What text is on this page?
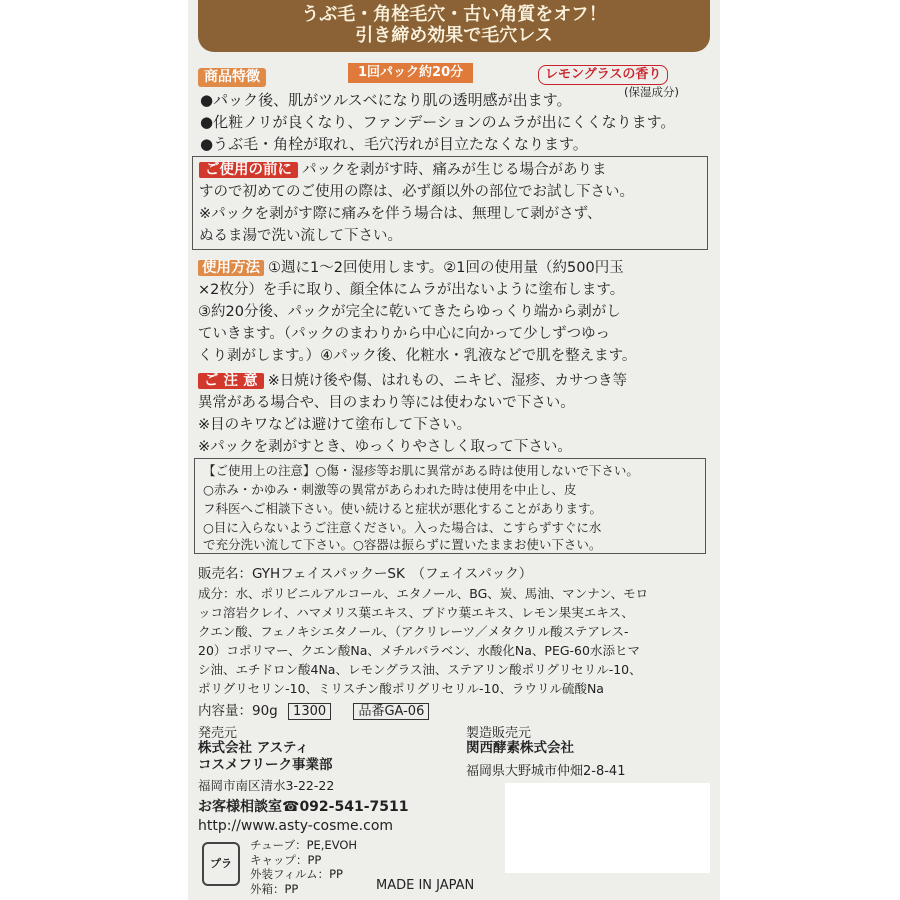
うぶ毛・角栓毛穴・古い角質をオフ！
引き締め効果で毛穴レス
商品特徴	1回パック約20分	レモングラスの香り
(保湿成分)
●パック後、肌がツルスベになり肌の透明感が出ます。
●化粧ノリが良くなり、ファンデーションのムラが出にくくなります。
●うぶ毛・角栓が取れ、毛穴汚れが目立たなくなります。
ご使用の前に パックを剥がす時、痛みが生じる場合がありま
すので初めてのご使用の際は、必ず顔以外の部位でお試し下さい。
※パックを剥がす際に痛みを伴う場合は、無理して剥がさず、
ぬるま湯で洗い流して下さい。
使用方法 ①週に1〜2回使用します。②1回の使用量（約500円玉
×2枚分）を手に取り、顔全体にムラが出ないように塗布します。
③約20分後、パックが完全に乾いてきたらゆっくり端から剥がし
ていきます。（パックのまわりから中心に向かって少しずつゆっ
くり剥がします。）④パック後、化粧水・乳液などで肌を整えます。
ご 注 意 ※日焼け後や傷、はれもの、ニキビ、湿疹、カサつき等
異常がある場合や、目のまわり等には使わないで下さい。
※目のキワなどは避けて塗布して下さい。
※パックを剥がすとき、ゆっくりやさしく取って下さい。
【ご使用上の注意】○傷・湿疹等お肌に異常がある時は使用しないで下さい。
○赤み・かゆみ・刺激等の異常があらわれた時は使用を中止し、皮
フ科医へご相談下さい。使い続けると症状が悪化することがあります。
○目に入らないようご注意ください。入った場合は、こすらずすぐに水
で充分洗い流して下さい。○容器は振らずに置いたままお使い下さい。
販売名：GYHフェイスパックーSK　（フェイスパック）
成分：水、ポリビニルアルコール、エタノール、BG、炭、馬油、マンナン、モロ
ッコ溶岩クレイ、ハマメリス葉エキス、ブドウ葉エキス、レモン果実エキス、
クエン酸、フェノキシエタノール、（アクリレーツ／メタクリル酸ステアレス-
20）コポリマー、クエン酸Na、メチルパラベン、水酸化Na、PEG-60水添ヒマ
シ油、エチドロン酸4Na、レモングラス油、ステアリン酸ポリグリセリル-10、
ポリグリセリン-10、ミリスチン酸ポリグリセリル-10、ラウリル硫酸Na
内容量：90g 1300 品番GA-06
発売元
株式会社 アスティ
コスメフリーク事業部
福岡市南区清水3-22-22
お客様相談室☎092-541-7511
http://www.asty-cosme.com
製造販売元
関西酵素株式会社
福岡県大野城市仲畑2-8-41
プラ
チューブ：PE,EVOH
キャップ：PP
外装フィルム：PP
外箱：PP	MADE IN JAPAN
